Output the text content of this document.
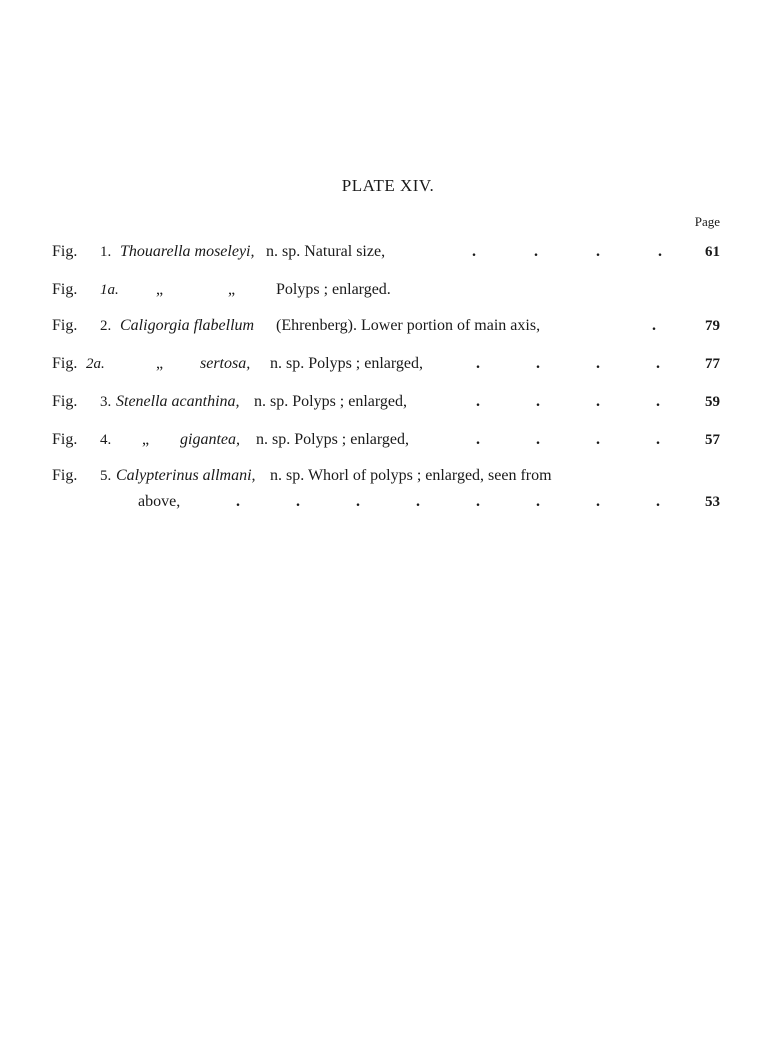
PLATE XIV.
Page
Fig. 1. Thouarella moseleyi, n. sp. Natural size,	.	.	.	.	61
Fig. 1a. „	„	Polyps ; enlarged.
Fig. 2. Caligorgia flabellum (Ehrenberg). Lower portion of main axis,	.	79
Fig. 2a.	„ sertosa, n. sp. Polyps ; enlarged,	.	.	.	.	77
Fig. 3. Stenella acanthina, n. sp. Polyps ; enlarged,	.	.	.	.	59
Fig. 4. „ gigantea, n. sp. Polyps ; enlarged,	.	.	.	.	57
Fig. 5. Calypterinus allmani, n. sp. Whorl of polyps ; enlarged, seen from
above,	.	.	.	.	.	.	.	.	53
